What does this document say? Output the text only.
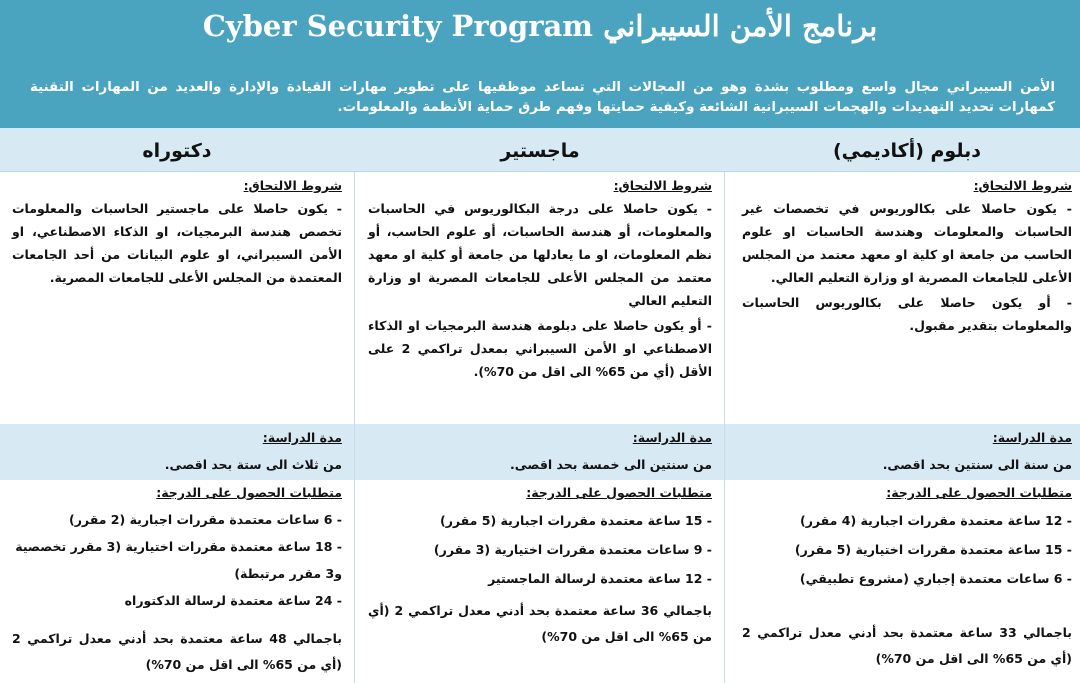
برنامج الأمن السيبراني Cyber Security Program
الأمن السيبراني مجال واسع ومطلوب بشدة وهو من المجالات التي تساعد موظفيها على تطوير مهارات القيادة والإدارة والعديد من المهارات التقنية كمهارات تحديد التهديدات والهجمات السيبرانية الشائعة وكيفية حمايتها وفهم طرق حماية الأنظمة والمعلومات.
دبلوم (أكاديمي)
ماجستير
دكتوراه
شروط الالتحاق:
شروط الالتحاق:
شروط الالتحاق:

- يكون حاصلا على بكالوريوس في تخصصات غير الحاسبات والمعلومات وهندسة الحاسبات او علوم الحاسب من جامعة او كلية او معهد معتمد من المجلس الأعلى للجامعات المصرية او وزارة التعليم العالي.

- أو يكون حاصلا على بكالوريوس الحاسبات والمعلومات بتقدير مقبول.

- يكون حاصلا على درجة البكالوريوس في الحاسبات والمعلومات، أو هندسة الحاسبات، أو علوم الحاسب، أو نظم المعلومات، او ما يعادلها من جامعة أو كلية او معهد معتمد من المجلس الأعلى للجامعات المصرية او وزارة التعليم العالي

- أو يكون حاصلا على دبلومة هندسة البرمجيات او الذكاء الاصطناعي او الأمن السيبراني بمعدل تراكمي 2 على الأقل (أي من 65% الى اقل من 70%).

- يكون حاصلا على ماجستير الحاسبات والمعلومات تخصص هندسة البرمجيات، او الذكاء الاصطناعي، او الأمن السيبراني، او علوم البيانات من أحد الجامعات المعتمدة من المجلس الأعلى للجامعات المصرية.

مدة الدراسة:
مدة الدراسة:
مدة الدراسة:
من سنة الى سنتين بحد اقصى.
من سنتين الى خمسة بحد اقصى.
من ثلاث الى ستة بحد اقصى.
متطلبات الحصول على الدرجة:
متطلبات الحصول على الدرجة:
متطلبات الحصول على الدرجة:

- 12 ساعة معتمدة مقررات اجبارية (4 مقرر)

- 15 ساعة معتمدة مقررات اختيارية (5 مقرر)

- 6 ساعات معتمدة إجباري (مشروع تطبيقي)

باجمالي 33 ساعة معتمدة بحد أدني معدل تراكمي 2 (أي من 65% الى اقل من 70%)

- 15 ساعة معتمدة مقررات اجبارية (5 مقرر)

- 9 ساعات معتمدة مقررات اختيارية (3 مقرر)

- 12 ساعة معتمدة لرسالة الماجستير

باجمالي 36 ساعة معتمدة بحد أدني معدل تراكمي 2 (أي من 65% الى اقل من 70%)

- 6 ساعات معتمدة مقررات اجبارية (2 مقرر)

- 18 ساعة معتمدة مقررات اختيارية (3 مقرر تخصصية و3 مقرر مرتبطة)

- 24 ساعة معتمدة لرسالة الدكتوراه

باجمالي 48 ساعة معتمدة بحد أدني معدل تراكمي 2 (أي من 65% الى اقل من 70%)
